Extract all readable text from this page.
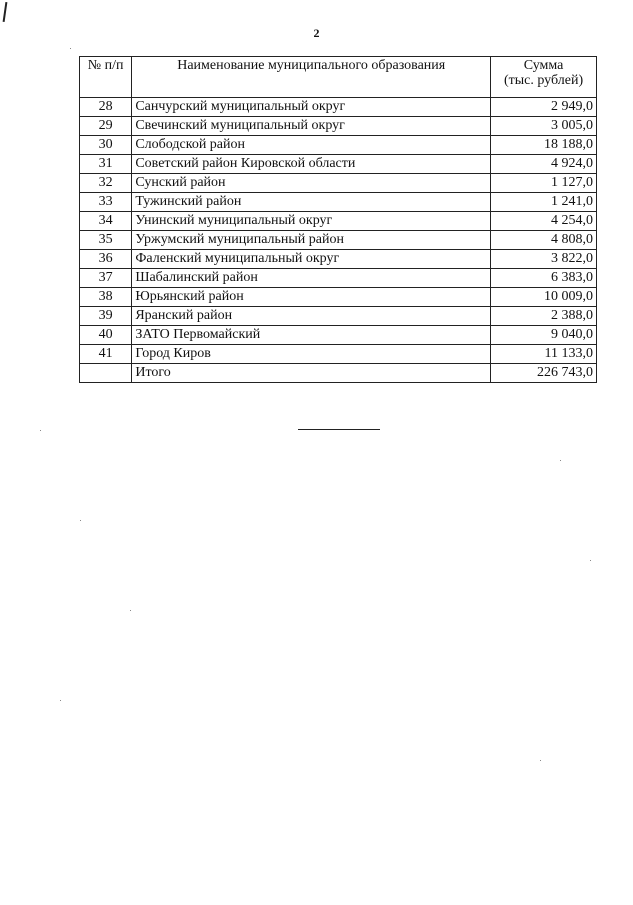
2
№ п/п	Наименование муниципального образования	Сумма
(тыс. рублей)
28	Санчурский муниципальный округ	2 949,0
29	Свечинский муниципальный округ	3 005,0
30	Слободской район	18 188,0
31	Советский район Кировской области	4 924,0
32	Сунский район	1 127,0
33	Тужинский район	1 241,0
34	Унинский муниципальный округ	4 254,0
35	Уржумский муниципальный район	4 808,0
36	Фаленский муниципальный округ	3 822,0
37	Шабалинский район	6 383,0
38	Юрьянский район	10 009,0
39	Яранский район	2 388,0
40	ЗАТО Первомайский	9 040,0
41	Город Киров	11 133,0
	Итого	226 743,0
